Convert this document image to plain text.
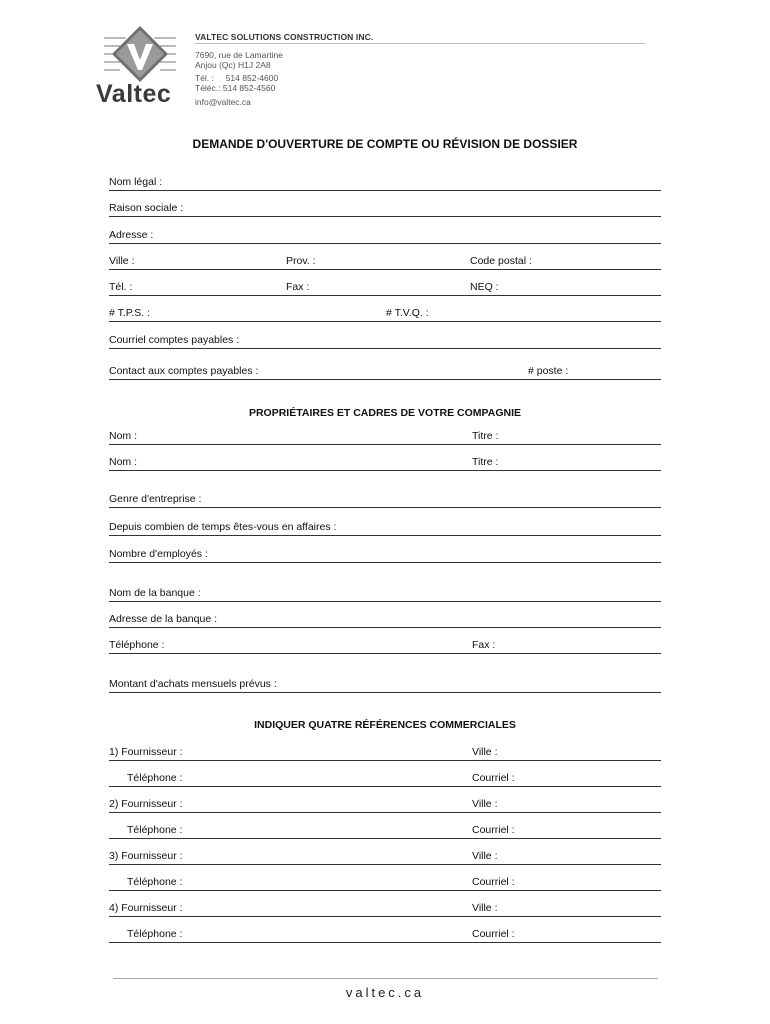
Valtec
VALTEC SOLUTIONS CONSTRUCTION INC.
7690, rue de Lamartine
Anjou (Qc) H1J 2A8
Tél. :     514 852-4600
Téléc.: 514 852-4560
info@valtec.ca
DEMANDE D'OUVERTURE DE COMPTE OU RÉVISION DE DOSSIER
Nom légal :
Raison sociale :
Adresse :
Ville :	Prov. :	Code postal :
Tél. :	Fax :	NEQ :
# T.P.S. :	# T.V.Q. :
Courriel comptes payables :
Contact aux comptes payables :	# poste :
PROPRIÉTAIRES ET CADRES DE VOTRE COMPAGNIE
Nom :	Titre :
Nom :	Titre :
Genre d'entreprise :
Depuis combien de temps êtes-vous en affaires :
Nombre d'employés :
Nom de la banque :
Adresse de la banque :
Téléphone :	Fax :
Montant d'achats mensuels prévus :
INDIQUER QUATRE RÉFÉRENCES COMMERCIALES
1) Fournisseur :	Ville :
Téléphone :	Courriel :
2) Fournisseur :	Ville :
Téléphone :	Courriel :
3) Fournisseur :	Ville :
Téléphone :	Courriel :
4) Fournisseur :	Ville :
Téléphone :	Courriel :
valtec.ca
